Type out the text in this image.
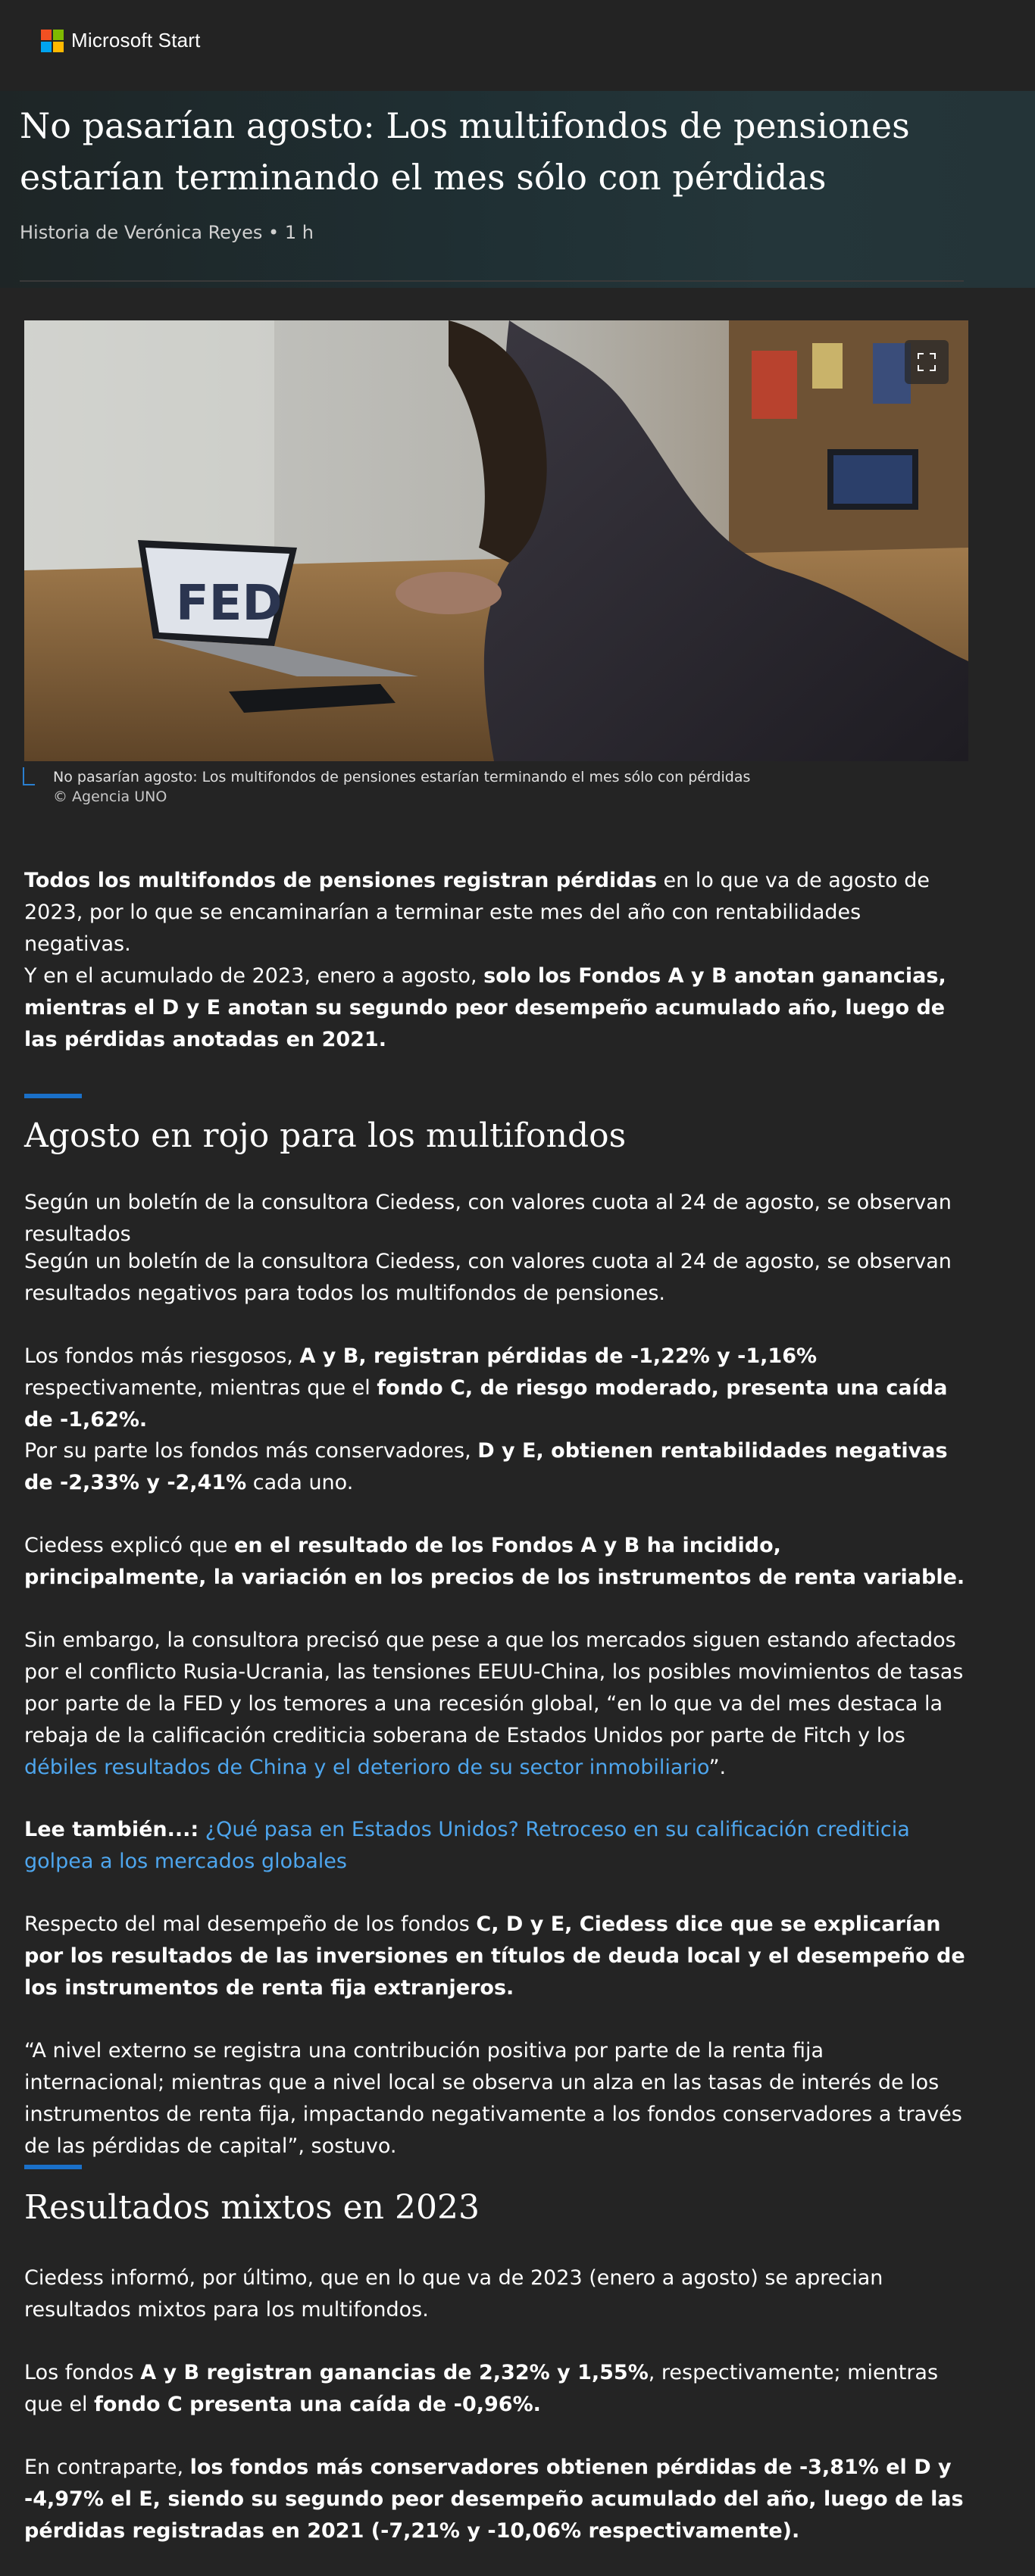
Microsoft Start
No pasarían agosto: Los multifondos de pensiones estarían terminando el mes sólo con pérdidas
Historia de Verónica Reyes • 1 h
FED
No pasarían agosto: Los multifondos de pensiones estarían terminando el mes sólo con pérdidas
© Agencia UNO

Todos los multifondos de pensiones registran pérdidas en lo que va de agosto de 2023, por lo que se encaminarían a terminar este mes del año con rentabilidades negativas.

Y en el acumulado de 2023, enero a agosto, solo los Fondos A y B anotan ganancias, mientras el D y E anotan su segundo peor desempeño acumulado año, luego de las pérdidas anotadas en 2021.

Agosto en rojo para los multifondos

Según un boletín de la consultora Ciedess, con valores cuota al 24 de agosto, se observan resultados

Según un boletín de la consultora Ciedess, con valores cuota al 24 de agosto, se observan resultados negativos para todos los multifondos de pensiones.

Los fondos más riesgosos, A y B, registran pérdidas de -1,22% y -1,16% respectivamente, mientras que el fondo C, de riesgo moderado, presenta una caída de -1,62%.

Por su parte los fondos más conservadores, D y E, obtienen rentabilidades negativas de -2,33% y -2,41% cada uno.

Ciedess explicó que en el resultado de los Fondos A y B ha incidido, principalmente, la variación en los precios de los instrumentos de renta variable.

Sin embargo, la consultora precisó que pese a que los mercados siguen estando afectados por el conflicto Rusia-Ucrania, las tensiones EEUU-China, los posibles movimientos de tasas por parte de la FED y los temores a una recesión global, “en lo que va del mes destaca la rebaja de la calificación crediticia soberana de Estados Unidos por parte de Fitch y los débiles resultados de China y el deterioro de su sector inmobiliario”.

Lee también...: ¿Qué pasa en Estados Unidos? Retroceso en su calificación crediticia golpea a los mercados globales

Respecto del mal desempeño de los fondos C, D y E, Ciedess dice que se explicarían por los resultados de las inversiones en títulos de deuda local y el desempeño de los instrumentos de renta fija extranjeros.

“A nivel externo se registra una contribución positiva por parte de la renta fija internacional; mientras que a nivel local se observa un alza en las tasas de interés de los instrumentos de renta fija, impactando negativamente a los fondos conservadores a través de las pérdidas de capital”, sostuvo.

Resultados mixtos en 2023

Ciedess informó, por último, que en lo que va de 2023 (enero a agosto) se aprecian resultados mixtos para los multifondos.

Los fondos A y B registran ganancias de 2,32% y 1,55%, respectivamente; mientras que el fondo C presenta una caída de -0,96%.

En contraparte, los fondos más conservadores obtienen pérdidas de -3,81% el D y -4,97% el E, siendo su segundo peor desempeño acumulado del año, luego de las pérdidas registradas en 2021 (-7,21% y -10,06% respectivamente).
